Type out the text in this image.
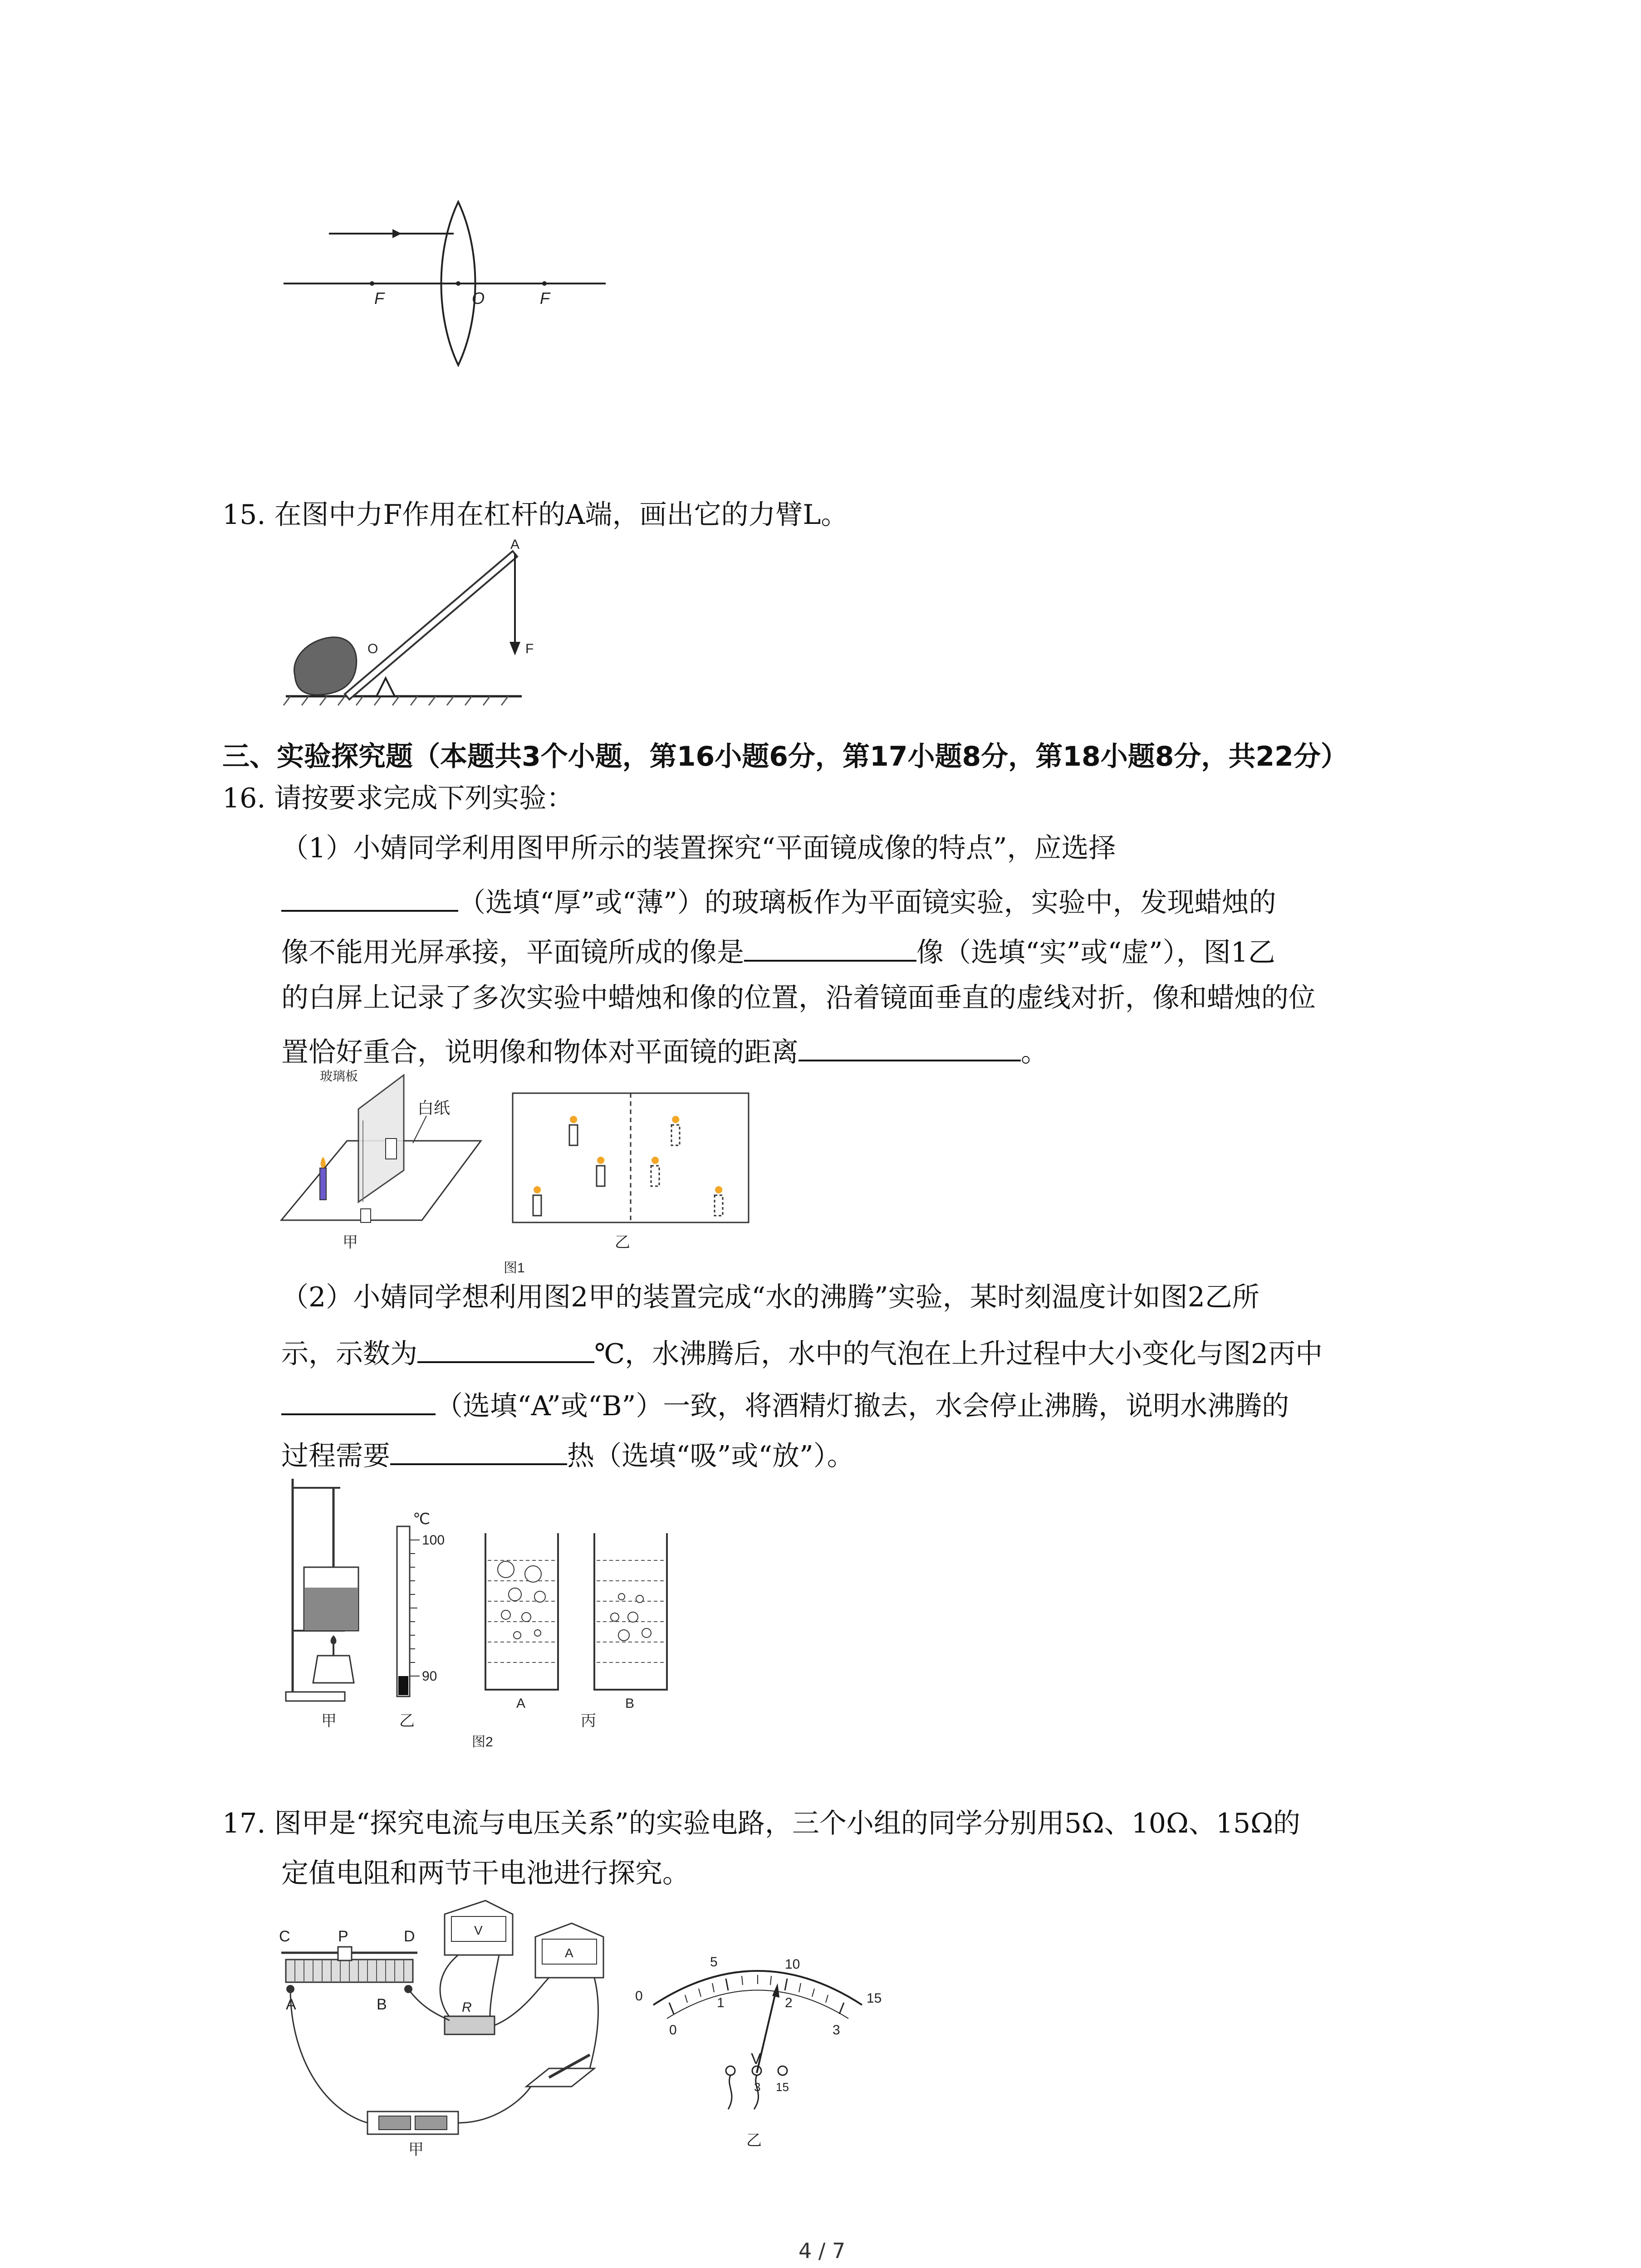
F	O	F
15. 在图中力F作用在杠杆的A端，画出它的力臂L。
A
O	F
三、实验探究题（本题共3个小题，第16小题6分，第17小题8分，第18小题8分，共22分）
16. 请按要求完成下列实验：
（1）小婧同学利用图甲所示的装置探究“平面镜成像的特点”，应选择
（选填“厚”或“薄”）的玻璃板作为平面镜实验，实验中，发现蜡烛的
像不能用光屏承接，平面镜所成的像是	像（选填“实”或“虚”），图1乙
的白屏上记录了多次实验中蜡烛和像的位置，沿着镜面垂直的虚线对折，像和蜡烛的位
置恰好重合，说明像和物体对平面镜的距离	。
玻璃板
白纸
甲	乙
图1
（2）小婧同学想利用图2甲的装置完成“水的沸腾”实验，某时刻温度计如图2乙所
示，示数为	℃，水沸腾后，水中的气泡在上升过程中大小变化与图2丙中
（选填“A”或“B”）一致，将酒精灯撤去，水会停止沸腾，说明水沸腾的
过程需要	热（选填“吸”或“放”）。
甲
℃
100
90
乙
A	B
丙
图2
17. 图甲是“探究电流与电压关系”的实验电路，三个小组的同学分别用5Ω、10Ω、15Ω的
定值电阻和两节干电池进行探究。
C	P	D
A	B
V
A
R
甲
0
5	10
15
0
1	2
3
V
3 15
乙
4 / 7
